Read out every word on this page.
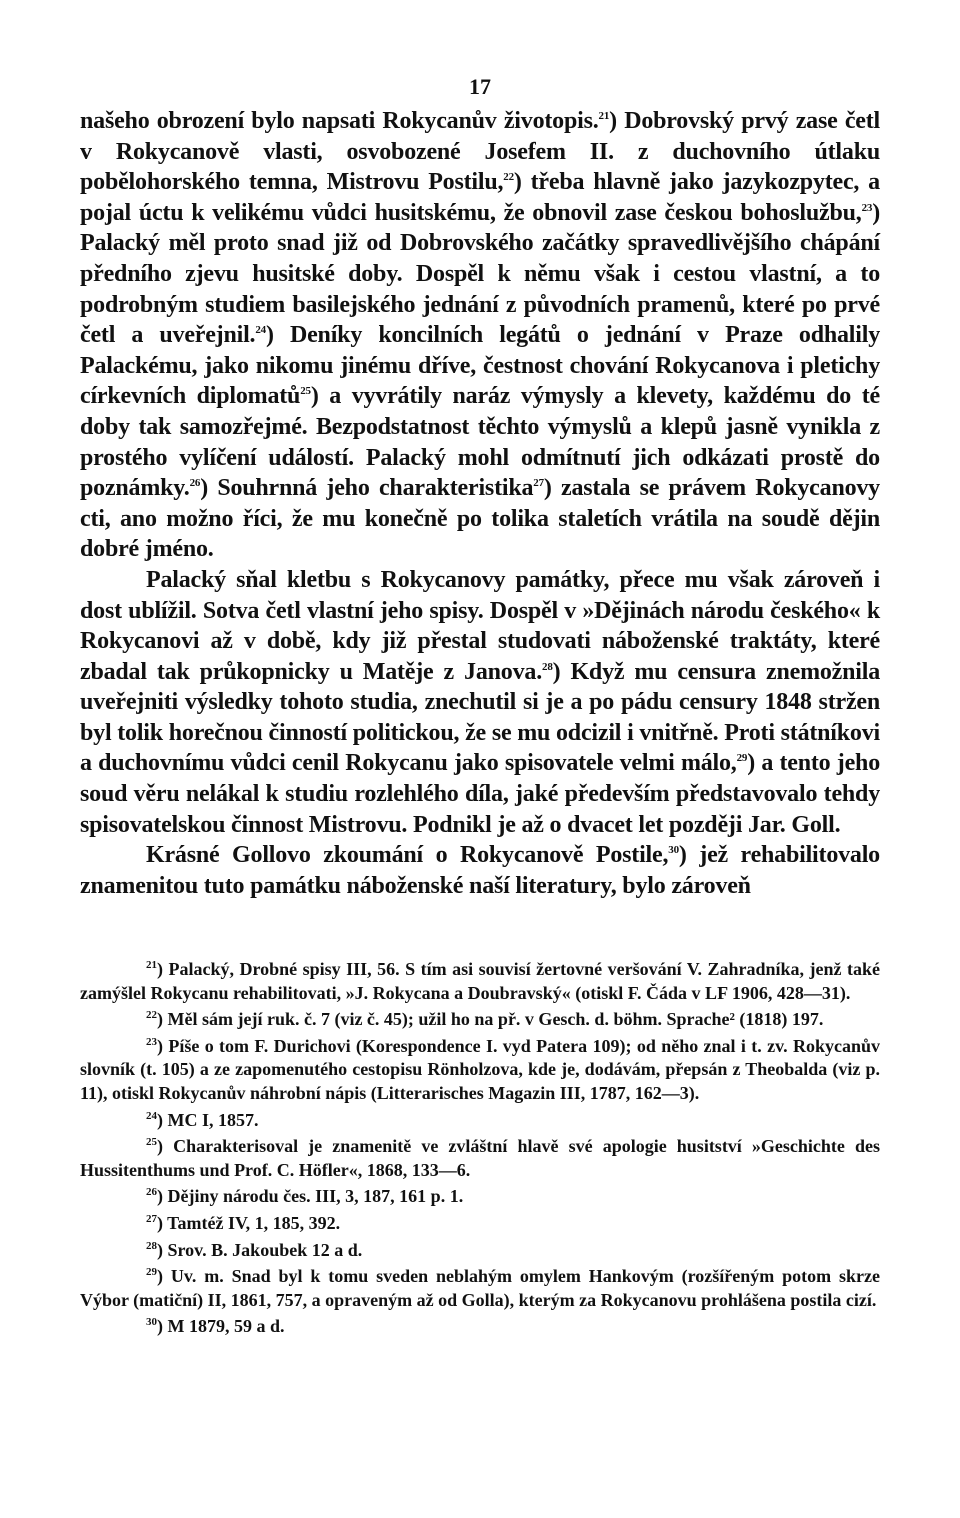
17

našeho obrození bylo napsati Rokycanův životopis.$^{21}$) Dobrovský prvý zase četl v Rokycanově vlasti, osvobozené Josefem II. z duchovního útlaku pobělohorského temna, Mistrovu Postilu,$^{22}$) třeba hlavně jako jazykozpytec, a pojal úctu k velikému vůdci husitskému, že obnovil zase českou bohoslužbu,$^{23}$) Palacký měl proto snad již od Dobrovského začátky spravedlivějšího chápání předního zjevu husitské doby. Dospěl k němu však i cestou vlastní, a to podrobným studiem basilejského jednání z původních pramenů, které po prvé četl a uveřejnil.$^{24}$) Deníky koncilních legátů o jednání v Praze odhalily Palackému, jako nikomu jinému dříve, čestnost chování Rokycanova i pletichy církevních diplomatů$^{25}$) a vyvrátily naráz výmysly a klevety, každému do té doby tak samozřejmé. Bezpodstatnost těchto výmyslů a klepů jasně vynikla z prostého vylíčení událostí. Palacký mohl odmítnutí jich odkázati prostě do poznámky.$^{26}$) Souhrnná jeho charakteristika$^{27}$) zastala se právem Rokycanovy cti, ano možno říci, že mu konečně po tolika staletích vrátila na soudě dějin dobré jméno.

Palacký sňal kletbu s Rokycanovy památky, přece mu však zároveň i dost ublížil. Sotva četl vlastní jeho spisy. Dospěl v »Dějinách národu českého« k Rokycanovi až v době, kdy již přestal studovati náboženské traktáty, které zbadal tak průkopnicky u Matěje z Janova.$^{28}$) Když mu censura znemožnila uveřejniti výsledky tohoto studia, znechutil si je a po pádu censury 1848 stržen byl tolik horečnou činností politickou, že se mu odcizil i vnitřně. Proti státníkovi a duchovnímu vůdci cenil Rokycanu jako spisovatele velmi málo,$^{29}$) a tento jeho soud věru nelákal k studiu rozlehlého díla, jaké především představovalo tehdy spisovatelskou činnost Mistrovu. Podnikl je až o dvacet let později Jar. Goll.

Krásné Gollovo zkoumání o Rokycanově Postile,$^{30}$) jež rehabilitovalo znamenitou tuto památku náboženské naší literatury, bylo zároveň

$^{21}$) Palacký, Drobné spisy III, 56. S tím asi souvisí žertovné veršování V. Zahradníka, jenž také zamýšlel Rokycanu rehabilitovati, »J. Rokycana a Doubravský« (otiskl F. Čáda v LF 1906, 428—31).

$^{22}$) Měl sám její ruk. č. 7 (viz č. 45); užil ho na př. v Gesch. d. böhm. Sprache² (1818) 197.

$^{23}$) Píše o tom F. Durichovi (Korespondence I. vyd Patera 109); od něho znal i t. zv. Rokycanův slovník (t. 105) a ze zapomenutého cestopisu Rönholzova, kde je, dodávám, přepsán z Theobalda (viz p. 11), otiskl Rokycanův náhrobní nápis (Litterarisches Magazin III, 1787, 162—3).

$^{24}$) MC I, 1857.

$^{25}$) Charakterisoval je znamenitě ve zvláštní hlavě své apologie husitství »Geschichte des Hussitenthums und Prof. C. Höfler«, 1868, 133—6.

$^{26}$) Dějiny národu čes. III, 3, 187, 161 p. 1.

$^{27}$) Tamtéž IV, 1, 185, 392.

$^{28}$) Srov. B. Jakoubek 12 a d.

$^{29}$) Uv. m. Snad byl k tomu sveden neblahým omylem Hankovým (rozšířeným potom skrze Výbor (matiční) II, 1861, 757, a opraveným až od Golla), kterým za Rokycanovu prohlášena postila cizí.

$^{30}$) M 1879, 59 a d.
